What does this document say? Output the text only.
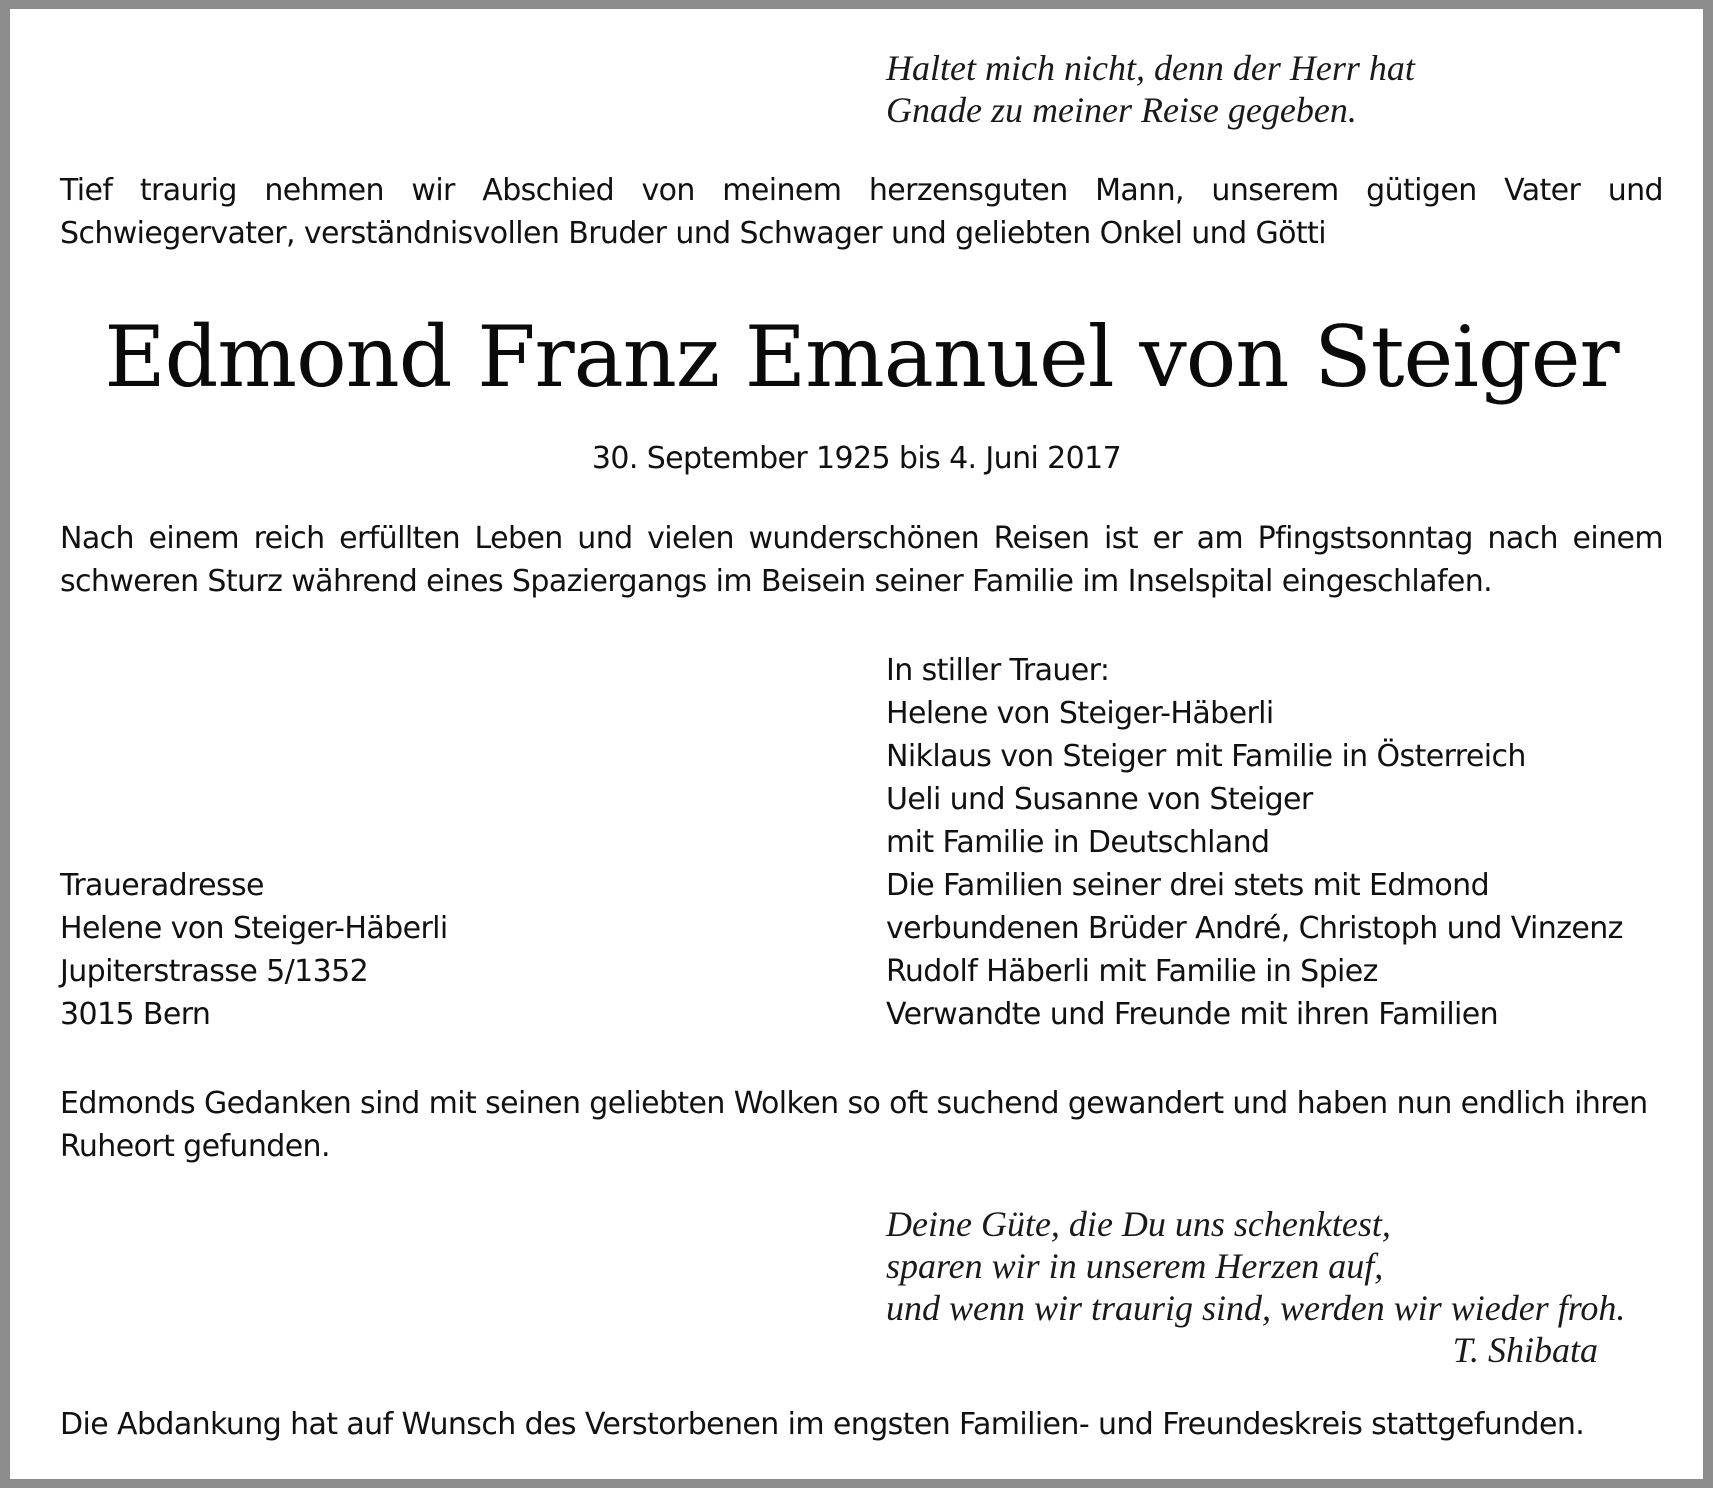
Haltet mich nicht, denn der Herr hat
Gnade zu meiner Reise gegeben.
Tief traurig nehmen wir Abschied von meinem herzensguten Mann, unserem gütigen Vater und Schwiegervater, verständnisvollen Bruder und Schwager und geliebten Onkel und Götti
Edmond Franz Emanuel von Steiger
30. September 1925 bis 4. Juni 2017
Nach einem reich erfüllten Leben und vielen wunderschönen Reisen ist er am Pfingstsonntag nach einem schweren Sturz während eines Spaziergangs im Beisein seiner Familie im Inselspital eingeschlafen.
In stiller Trauer:
Helene von Steiger-Häberli
Niklaus von Steiger mit Familie in Österreich
Ueli und Susanne von Steiger
mit Familie in Deutschland
Die Familien seiner drei stets mit Edmond
verbundenen Brüder André, Christoph und Vinzenz
Rudolf Häberli mit Familie in Spiez
Verwandte und Freunde mit ihren Familien
Traueradresse
Helene von Steiger-Häberli
Jupiterstrasse 5/1352
3015 Bern
Edmonds Gedanken sind mit seinen geliebten Wolken so oft suchend gewandert und haben nun endlich ihren Ruheort gefunden.
Deine Güte, die Du uns schenktest,
sparen wir in unserem Herzen auf,
und wenn wir traurig sind, werden wir wieder froh.
T. Shibata
Die Abdankung hat auf Wunsch des Verstorbenen im engsten Familien- und Freundeskreis stattgefunden.
